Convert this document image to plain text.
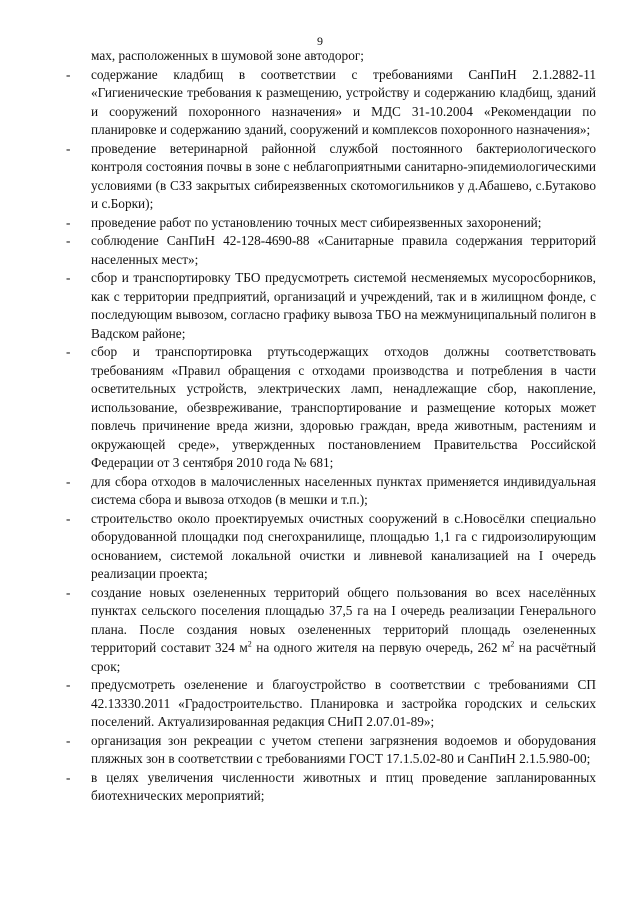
9
мах, расположенных в шумовой зоне автодорог;
-	содержание кладбищ в соответствии с требованиями СанПиН 2.1.2882-11 «Гигиенические требования к размещению, устройству и содержанию кладбищ, зданий и сооружений похоронного назначения» и МДС 31-10.2004 «Рекомендации по планировке и содержанию зданий, сооружений и комплексов похоронного назначения»;
-	проведение ветеринарной районной службой постоянного бактериологического контроля состояния почвы в зоне с неблагоприятными санитарно-эпидемиологическими условиями (в СЗЗ закрытых сибиреязвенных скотомогильников у д.Абашево, с.Бутаково и с.Борки);
-	проведение работ по установлению точных мест сибиреязвенных захоронений;
-	соблюдение СанПиН 42-128-4690-88 «Санитарные правила содержания территорий населенных мест»;
-	сбор и транспортировку ТБО предусмотреть системой несменяемых мусоросборников, как с территории предприятий, организаций и учреждений, так и в жилищном фонде, с последующим вывозом, согласно графику вывоза ТБО на межмуниципальный полигон в Вадском районе;
-	сбор и транспортировка ртутьсодержащих отходов должны соответствовать требованиям «Правил обращения с отходами производства и потребления в части осветительных устройств, электрических ламп, ненадлежащие сбор, накопление, использование, обезвреживание, транспортирование и размещение которых может повлечь причинение вреда жизни, здоровью граждан, вреда животным, растениям и окружающей среде», утвержденных постановлением Правительства Российской Федерации от 3 сентября 2010 года № 681;
-	для сбора отходов в малочисленных населенных пунктах применяется индивидуальная система сбора и вывоза отходов (в мешки и т.п.);
-	строительство около проектируемых очистных сооружений в с.Новосёлки специально оборудованной площадки под снегохранилище, площадью 1,1 га с гидроизолирующим основанием, системой локальной очистки и ливневой канализацией на I очередь реализации проекта;
-	создание новых озелененных территорий общего пользования во всех населённых пунктах сельского поселения площадью 37,5 га на I очередь реализации Генерального плана. После создания новых озелененных территорий площадь озелененных территорий составит 324 $м^2$ на одного жителя на первую очередь, 262 $м^2$ на расчётный срок;
-	предусмотреть озеленение и благоустройство в соответствии с требованиями СП 42.13330.2011 «Градостроительство. Планировка и застройка городских и сельских поселений. Актуализированная редакция СНиП 2.07.01-89»;
-	организация зон рекреации с учетом степени загрязнения водоемов и оборудования пляжных зон в соответствии с требованиями ГОСТ 17.1.5.02-80 и СанПиН 2.1.5.980-00;
-	в целях увеличения численности животных и птиц проведение запланированных биотехнических мероприятий;
